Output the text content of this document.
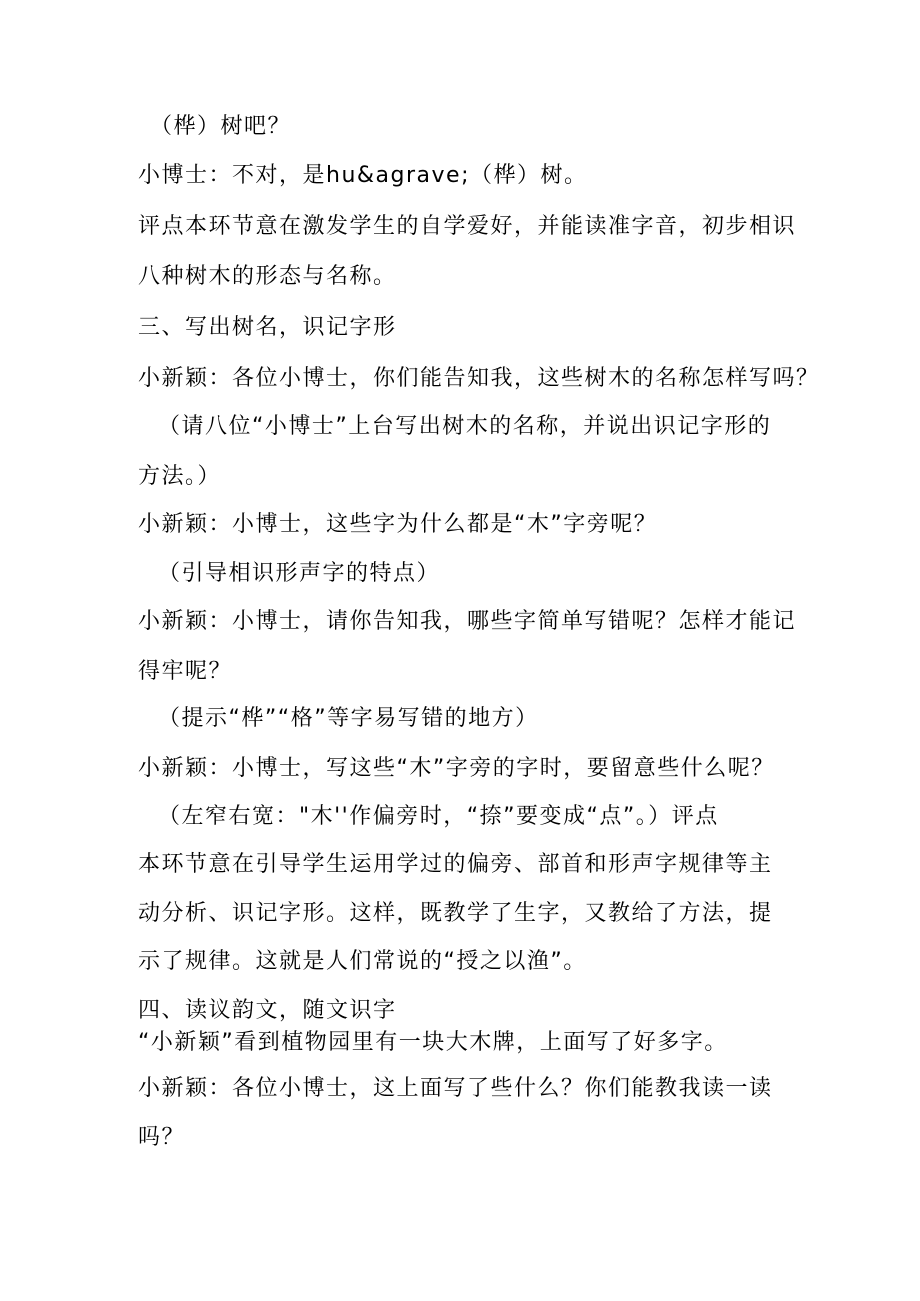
（桦）树吧？
小博士：不对，是hu&agrave;（桦）树。
评点本环节意在激发学生的自学爱好，并能读准字音，初步相识
八种树木的形态与名称。
三、写出树名，识记字形
小新颖：各位小博士，你们能告知我，这些树木的名称怎样写吗？
（请八位“小博士”上台写出树木的名称，并说出识记字形的
方法。）
小新颖：小博士，这些字为什么都是“木”字旁呢？
（引导相识形声字的特点）
小新颖：小博士，请你告知我，哪些字简单写错呢？怎样才能记
得牢呢？
（提示“桦”“格”等字易写错的地方）
小新颖：小博士，写这些“木”字旁的字时，要留意些什么呢？
（左窄右宽："木''作偏旁时，“捺”要变成“点”。）评点
本环节意在引导学生运用学过的偏旁、部首和形声字规律等主
动分析、识记字形。这样，既教学了生字，又教给了方法，提
示了规律。这就是人们常说的“授之以渔”。
四、读议韵文，随文识字
“小新颖”看到植物园里有一块大木牌，上面写了好多字。
小新颖：各位小博士，这上面写了些什么？你们能教我读一读
吗？
